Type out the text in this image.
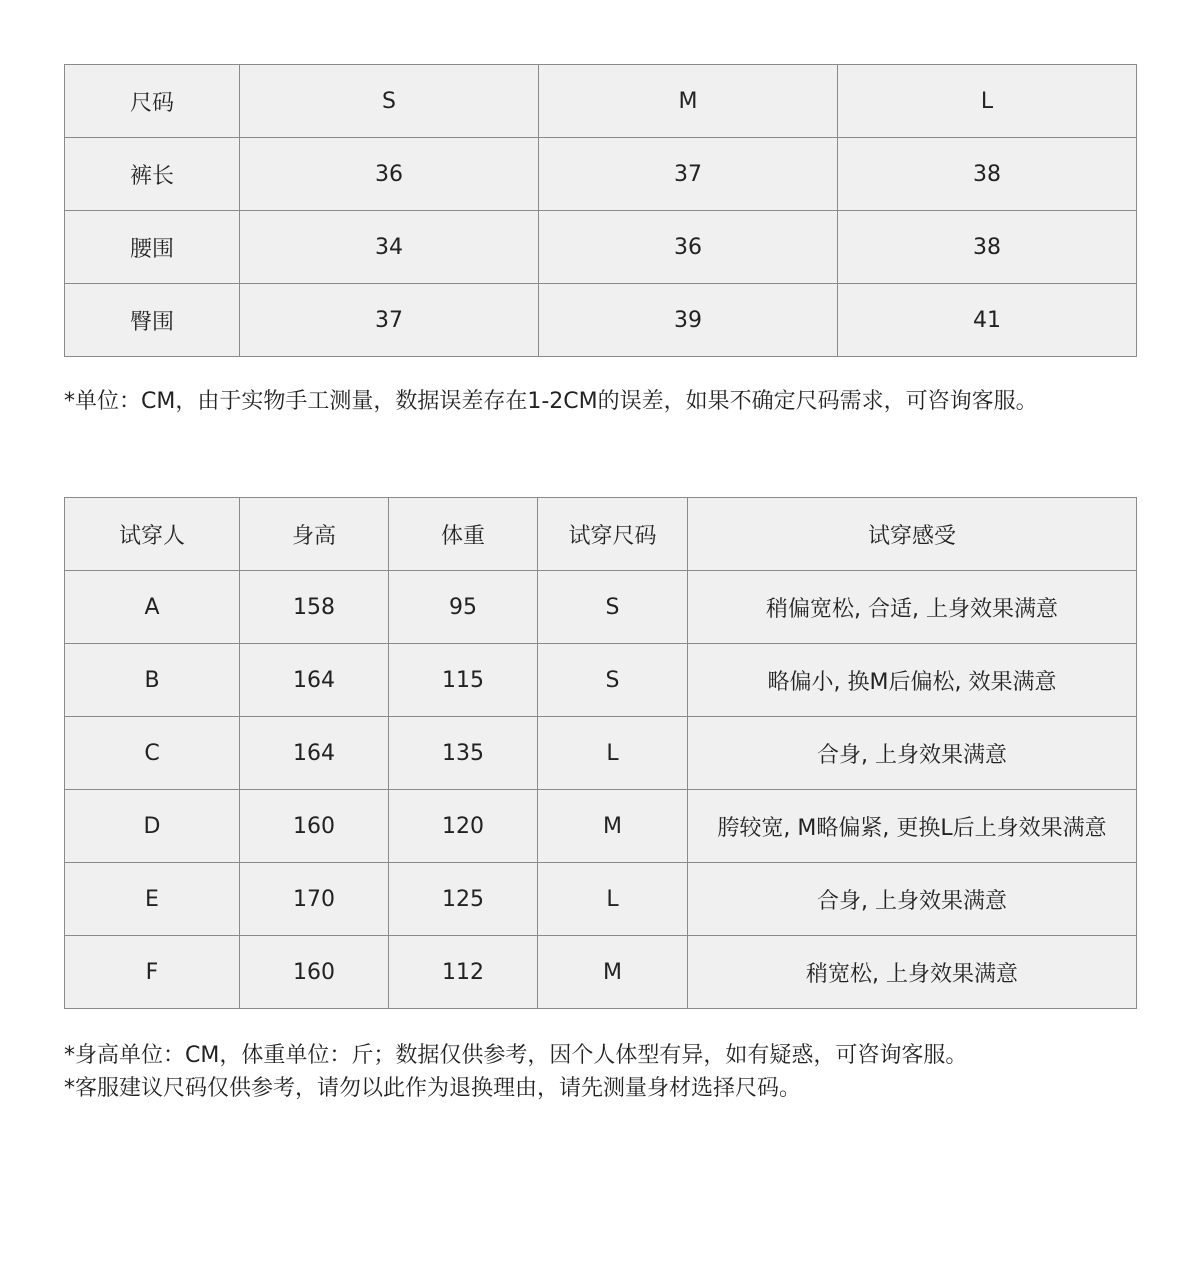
尺码	S	M	L
裤长	36	37	38
腰围	34	36	38
臀围	37	39	41
*单位：CM，由于实物手工测量，数据误差存在1-2CM的误差，如果不确定尺码需求，可咨询客服。
试穿人	身高	体重	试穿尺码	试穿感受
A	158	95	S	稍偏宽松, 合适, 上身效果满意
B	164	115	S	略偏小, 换M后偏松, 效果满意
C	164	135	L	合身, 上身效果满意
D	160	120	M	胯较宽, M略偏紧, 更换L后上身效果满意
E	170	125	L	合身, 上身效果满意
F	160	112	M	稍宽松, 上身效果满意
*身高单位：CM，体重单位：斤；数据仅供参考，因个人体型有异，如有疑惑，可咨询客服。
*客服建议尺码仅供参考，请勿以此作为退换理由，请先测量身材选择尺码。
